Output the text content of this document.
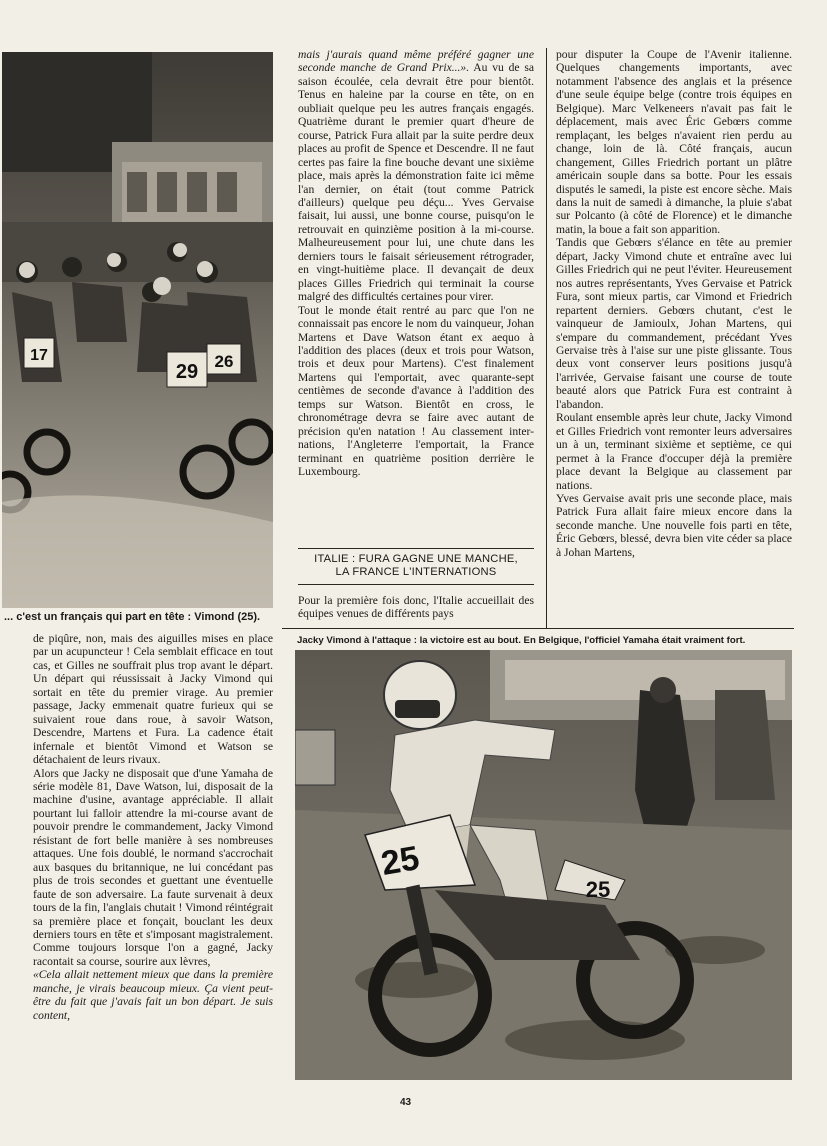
29 26
17
... c'est un français qui part en tête : Vimond (25).

mais j'aurais quand même préféré gagner une seconde manche de Grand Prix...». Au vu de sa saison écoulée, cela devrait être pour bientôt. Tenus en haleine par la course en tête, on en oubliait quelque peu les autres français engagés. Quatrième durant le premier quart d'heure de course, Patrick Fura allait par la suite perdre deux places au profit de Spence et Descendre. Il ne faut certes pas faire la fine bouche devant une sixième place, mais après la démonstration faite ici même l'an dernier, on était (tout comme Patrick d'ailleurs) quelque peu déçu... Yves Gervaise faisait, lui aussi, une bonne course, puisqu'on le retrouvait en quinzième position à la mi-course. Malheureusement pour lui, une chute dans les derniers tours le faisait sérieusement rétrograder, en vingt-huitième place. Il devançait de deux places Gilles Friedrich qui terminait la course malgré des difficultés certaines pour virer.

Tout le monde était rentré au parc que l'on ne connaissait pas encore le nom du vainqueur, Johan Martens et Dave Watson étant ex aequo à l'addition des places (deux et trois pour Watson, trois et deux pour Martens). C'est finalement Martens qui l'emportait, avec quarante-sept centièmes de seconde d'avance à l'addition des temps sur Watson. Bientôt en cross, le chronométrage devra se faire avec autant de précision qu'en natation ! Au classement inter-nations, l'Angleterre l'emportait, la France terminant en quatrième position derrière le Luxembourg.

ITALIE : FURA GAGNE UNE MANCHE,
LA FRANCE L'INTERNATIONS

Pour la première fois donc, l'Italie accueillait des équipes venues de différents pays

pour disputer la Coupe de l'Avenir italienne. Quelques changements importants, avec notamment l'absence des anglais et la présence d'une seule équipe belge (contre trois équipes en Belgique). Marc Velkeneers n'avait pas fait le déplacement, mais avec Éric Gebœrs comme remplaçant, les belges n'avaient rien perdu au change, loin de là. Côté français, aucun changement, Gilles Friedrich portant un plâtre américain souple dans sa botte. Pour les essais disputés le samedi, la piste est encore sèche. Mais dans la nuit de samedi à dimanche, la pluie s'abat sur Polcanto (à côté de Florence) et le dimanche matin, la boue a fait son apparition.

Tandis que Gebœrs s'élance en tête au premier départ, Jacky Vimond chute et entraîne avec lui Gilles Friedrich qui ne peut l'éviter. Heureusement nos autres représentants, Yves Gervaise et Patrick Fura, sont mieux partis, car Vimond et Friedrich repartent derniers. Gebœrs chutant, c'est le vainqueur de Jamioulx, Johan Martens, qui s'empare du commandement, précédant Yves Gervaise très à l'aise sur une piste glissante. Tous deux vont conserver leurs positions jusqu'à l'arrivée, Gervaise faisant une course de toute beauté alors que Patrick Fura est contraint à l'abandon.

Roulant ensemble après leur chute, Jacky Vimond et Gilles Friedrich vont remonter leurs adversaires un à un, terminant sixième et septième, ce qui permet à la France d'occuper déjà la première place devant la Belgique au classement par nations.

Yves Gervaise avait pris une seconde place, mais Patrick Fura allait faire mieux encore dans la seconde manche. Une nouvelle fois parti en tête, Éric Gebœrs, blessé, devra bien vite céder sa place à Johan Martens,

Jacky Vimond à l'attaque : la victoire est au bout. En Belgique, l'officiel Yamaha était vraiment fort.

de piqûre, non, mais des aiguilles mises en place par un acupuncteur ! Cela semblait efficace en tout cas, et Gilles ne souffrait plus trop avant le départ. Un départ qui réussissait à Jacky Vimond qui sortait en tête du premier virage. Au premier passage, Jacky emmenait quatre furieux qui se suivaient roue dans roue, à savoir Watson, Descendre, Martens et Fura. La cadence était infernale et bientôt Vimond et Watson se détachaient de leurs rivaux.

Alors que Jacky ne disposait que d'une Yamaha de série modèle 81, Dave Watson, lui, disposait de la machine d'usine, avantage appréciable. Il allait pourtant lui falloir attendre la mi-course avant de pouvoir prendre le commandement, Jacky Vimond résistant de fort belle manière à ses nombreuses attaques. Une fois doublé, le normand s'accrochait aux basques du britannique, ne lui concédant pas plus de trois secondes et guettant une éventuelle faute de son adversaire. La faute survenait à deux tours de la fin, l'anglais chutait ! Vimond réintégrait sa première place et fonçait, bouclant les deux derniers tours en tête et s'imposant magistralement. Comme toujours lorsque l'on a gagné, Jacky racontait sa course, sourire aux lèvres,

«Cela allait nettement mieux que dans la première manche, je virais beaucoup mieux. Ça vient peut-être du fait que j'avais fait un bon départ. Je suis content,

25
25
43
